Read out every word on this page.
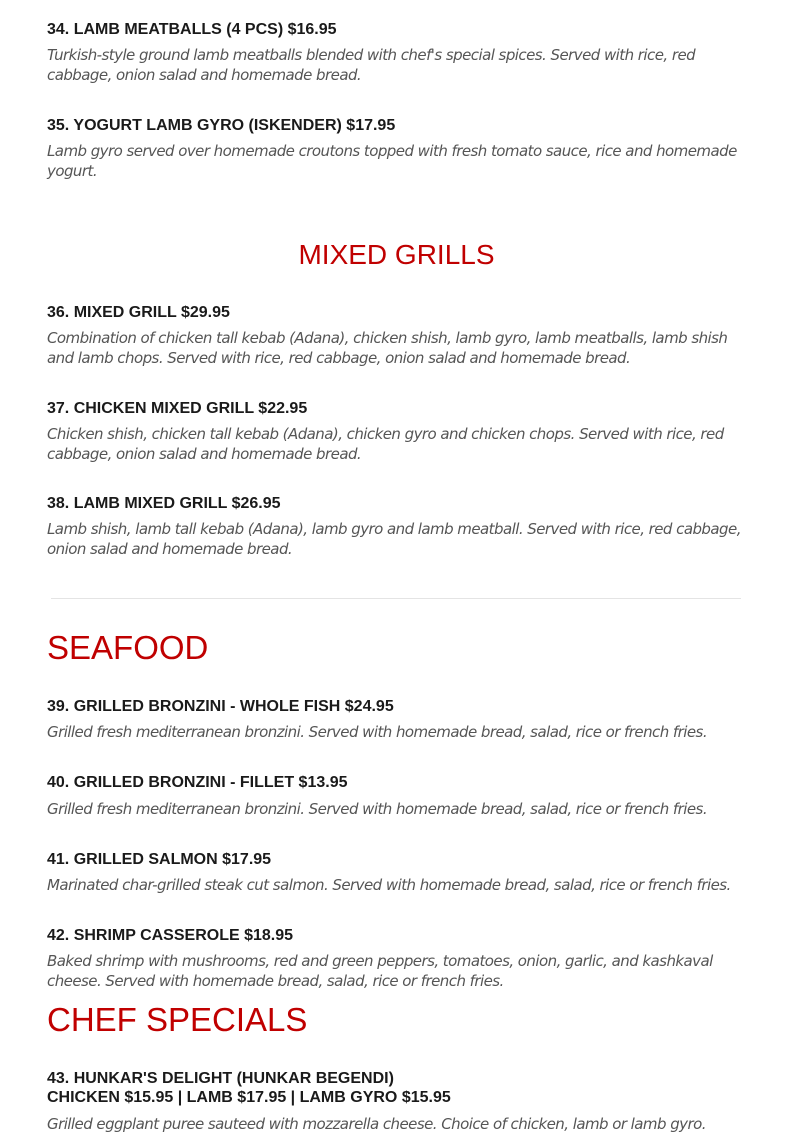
34. LAMB MEATBALLS (4 PCS) $16.95

Turkish-style ground lamb meatballs blended with chef's special spices. Served with rice, red cabbage, onion salad and homemade bread.

35. YOGURT LAMB GYRO (ISKENDER) $17.95

Lamb gyro served over homemade croutons topped with fresh tomato sauce, rice and homemade yogurt.

MIXED GRILLS
36. MIXED GRILL $29.95

Combination of chicken tall kebab (Adana), chicken shish, lamb gyro, lamb meatballs, lamb shish and lamb chops. Served with rice, red cabbage, onion salad and homemade bread.

37. CHICKEN MIXED GRILL $22.95

Chicken shish, chicken tall kebab (Adana), chicken gyro and chicken chops. Served with rice, red cabbage, onion salad and homemade bread.

38. LAMB MIXED GRILL $26.95

Lamb shish, lamb tall kebab (Adana), lamb gyro and lamb meatball. Served with rice, red cabbage, onion salad and homemade bread.

SEAFOOD
39. GRILLED BRONZINI - WHOLE FISH $24.95

Grilled fresh mediterranean bronzini. Served with homemade bread, salad, rice or french fries.

40. GRILLED BRONZINI - FILLET $13.95

Grilled fresh mediterranean bronzini. Served with homemade bread, salad, rice or french fries.

41. GRILLED SALMON $17.95

Marinated char-grilled steak cut salmon. Served with homemade bread, salad, rice or french fries.

42. SHRIMP CASSEROLE $18.95

Baked shrimp with mushrooms, red and green peppers, tomatoes, onion, garlic, and kashkaval cheese. Served with homemade bread, salad, rice or french fries.

CHEF SPECIALS
43. HUNKAR'S DELIGHT (HUNKAR BEGENDI)
CHICKEN $15.95 | LAMB $17.95 | LAMB GYRO $15.95

Grilled eggplant puree sauteed with mozzarella cheese. Choice of chicken, lamb or lamb gyro.
